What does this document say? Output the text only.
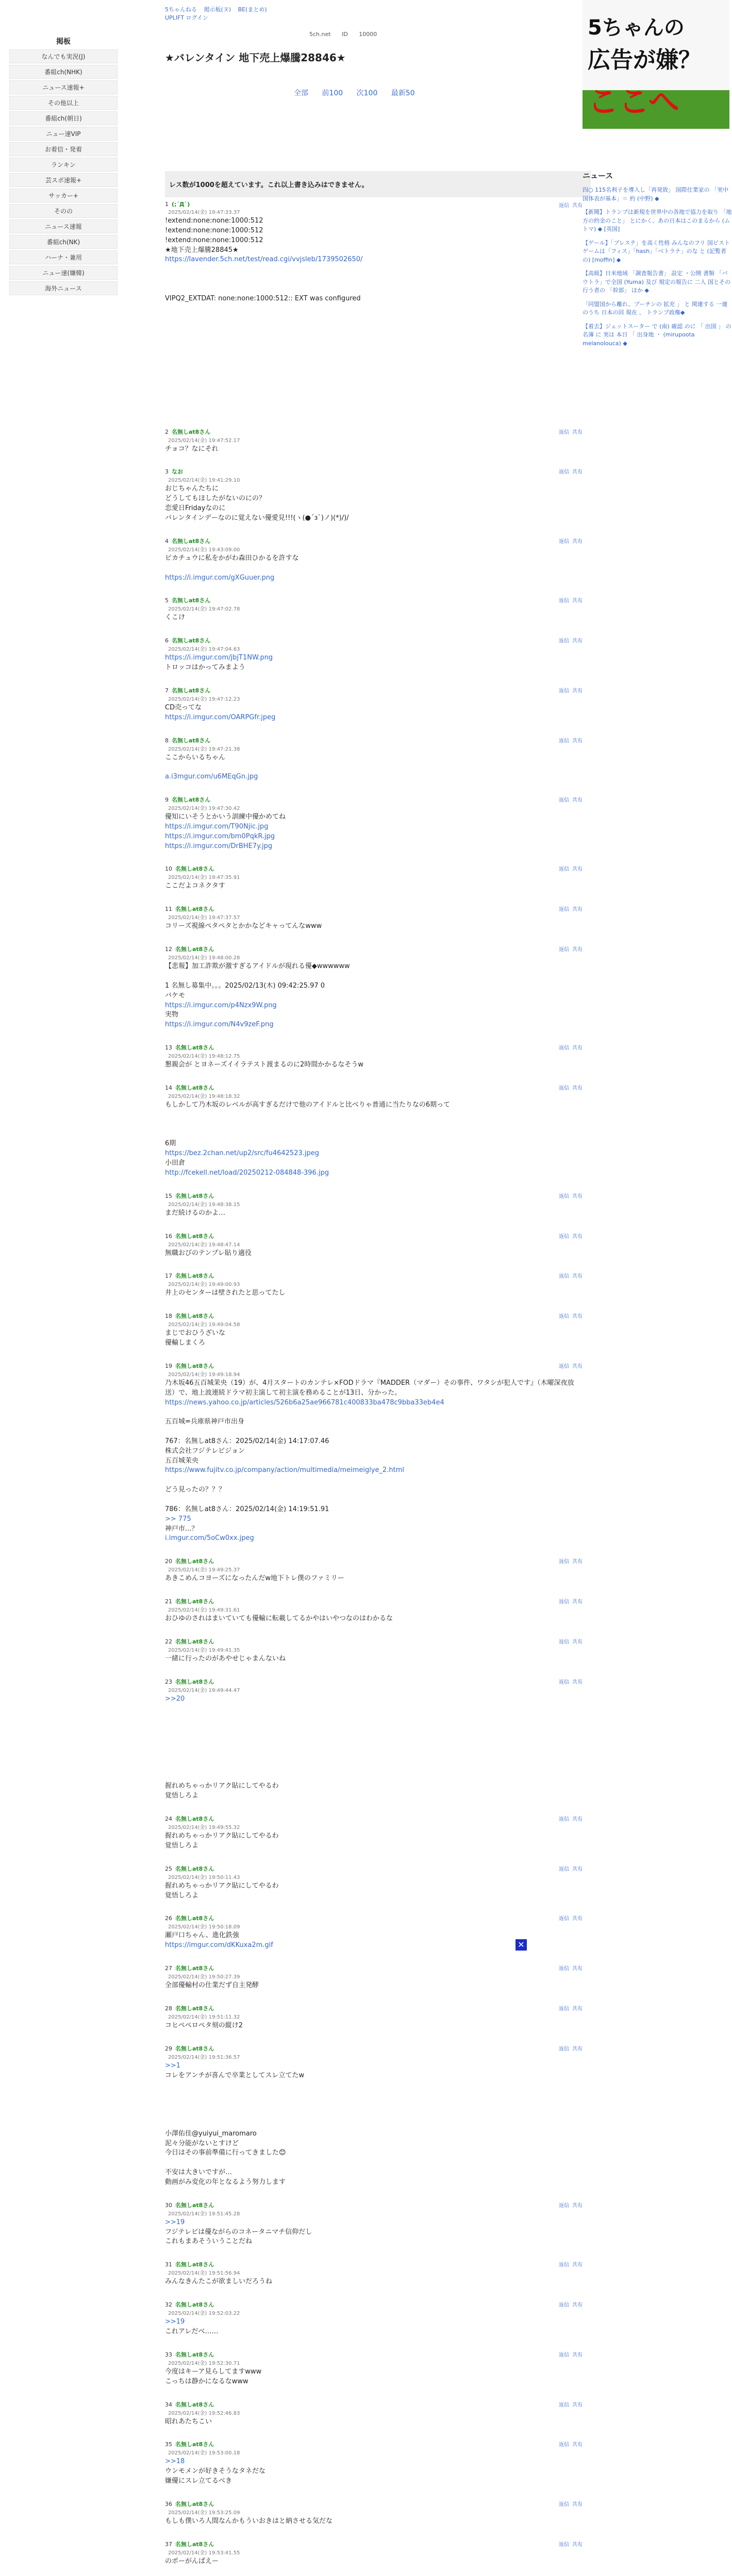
掲板
なんでも実況(J)
番組ch(NHK)
ニュース速報+
その他以上
番組ch(朝日)
ニュー速VIP
お着信・発着
ランキン
芸スポ速報+
サッカー+
そのの
ニュース速報
番組ch(NK)
ハーナ・兼用
ニュー速(嫌韓)
海外ニュース
5ちゃんねる 掲示板(ヌ) BE(まとめ)
UPLIFT ログイン
5ch.net ID 10000
★バレンタイン 地下売上爆騰28846★
全部 前100 次100 最新50
レス数が1000を超えています。これ以上書き込みはできません。
1 (;´Д`)
2025/02/14(金) 19:47:33.37
返信 共有
!extend:none:none:1000:512
!extend:none:none:1000:512
!extend:none:none:1000:512
★地下売上爆騰28845★
https://lavender.5ch.net/test/read.cgi/vvjsleb/1739502650/

VIPQ2_EXTDAT: none:none:1000:512:: EXT was configured
2 名無しat8さん
2025/02/14(金) 19:47:52.17
返信 共有
チョコ？なにそれ
3 なお
2025/02/14(金) 19:41:29.10
返信 共有
おじちゃんたちに
どうしてもほしたがないのにの？
恋愛日Fridayなのに
バレンタインデーなのに覚えない優愛見!!!(ヽ(●´з`)ノ)(*)/)/
4 名無しat8さん
2025/02/14(金) 19:43:09.00
返信 共有
ピカチュウに私をかがわ森田ひかるを許すな

https://i.imgur.com/gXGuuer.png
5 名無しat8さん
2025/02/14(金) 19:47:02.78
返信 共有
くこけ
6 名無しat8さん
2025/02/14(金) 19:47:04.63
返信 共有
https://i.imgur.com/jbjT1NW.png
トロッコはかってみまよう
7 名無しat8さん
2025/02/14(金) 19:47:12.23
返信 共有
CD売ってな
https://i.imgur.com/OARPGfr.jpeg
8 名無しat8さん
2025/02/14(金) 19:47:21.38
返信 共有
ここからいるちゃん

a.i3mgur.com/u6MEqGn.jpg
9 名無しat8さん
2025/02/14(金) 19:47:30.42
返信 共有
優知にいそうとかいう訓練中優かめてね
https://i.imgur.com/T90Njic.jpg
https://i.imgur.com/bm0PqkR.jpg
https://i.imgur.com/DrBHE7y.jpg
10 名無しat8さん
2025/02/14(金) 19:47:35.91
返信 共有
ここだよコネクタす
11 名無しat8さん
2025/02/14(金) 19:47:37.57
返信 共有
コリーズ視線ペタペタとかかなどキャってんなwww
12 名無しat8さん
2025/02/14(金) 19:48:00.28
返信 共有
【悲報】加工詐欺が激すぎるアイドルが現れる優◆wwwwww

1 名無し募集中。。。2025/02/13(木) 09:42:25.97 0
バケモ
https://i.imgur.com/p4Nzx9W.png
実物
https://i.imgur.com/N4v9zeF.png
13 名無しat8さん
2025/02/14(金) 19:48:12.75
返信 共有
懇親会が とヨネーズイイラテスト渡まるのに2時間かかるなそうw
14 名無しat8さん
2025/02/14(金) 19:48:18.32
返信 共有
もしかして乃木坂のレベルが高すぎるだけで他のアイドルと比べりゃ普通に当たりなの6期って

6期
https://bez.2chan.net/up2/src/fu4642523.jpeg
小田倉
http://fcekell.net/load/20250212-084848-396.jpg
15 名無しat8さん
2025/02/14(金) 19:48:38.15
返信 共有
まだ続けるのかよ…
16 名無しat8さん
2025/02/14(金) 19:48:47.14
返信 共有
無職おびのテンプレ貼り適役
17 名無しat8さん
2025/02/14(金) 19:49:00.93
返信 共有
井上のセンターは壁されたと思ってたし
18 名無しat8さん
2025/02/14(金) 19:49:04.58
返信 共有
まじでおひうざいな
優輸しまくろ
19 名無しat8さん
2025/02/14(金) 19:49:18.94
返信 共有
乃木坂46五百城茉央（19）が、4月スタートのカンテレ×FODドラマ『MADDER（マダー）その事件、ワタシが犯人です』（木曜深夜放送）で、地上波連続ドラマ初主演して初主演を務めることが13日、分かった。
https://news.yahoo.co.jp/articles/526b6a25ae966781c400833ba478c9bba33eb4e4

五百城=兵庫県神戸市出身

767：名無しat8さん：2025/02/14(金) 14:17:07.46
株式会社フジテレビジョン
五百城茉央
https://www.fujitv.co.jp/company/action/multimedia/meimeiglye_2.html

どう見ったの？？？

786：名無しat8さん：2025/02/14(金) 14:19:51.91
>> 775
神戸市...？
i.imgur.com/5oCw0xx.jpeg
20 名無しat8さん
2025/02/14(金) 19:49:25.37
返信 共有
あきこめんコヨーズになったんだw地下トレ僕のファミリー
21 名無しat8さん
2025/02/14(金) 19:49:31.61
返信 共有
おひゆのされはまいていても優輸に転載してるかやはいやつなのはわかるな
22 名無しat8さん
2025/02/14(金) 19:49:41.35
返信 共有
一緒に行ったのがあやせじゃまんないね
23 名無しat8さん
2025/02/14(金) 19:49:44.47
返信 共有
>>20

握れめちゃっかリアク貼にしてやるわ
覚悟しろよ
24 名無しat8さん
2025/02/14(金) 19:49:55.32
返信 共有
握れめちゃっかリアク貼にしてやるわ
覚悟しろよ
25 名無しat8さん
2025/02/14(金) 19:50:11.43
返信 共有
握れめちゃっかリアク貼にしてやるわ
覚悟しろよ
26 名無しat8さん
2025/02/14(金) 19:50:18.09
返信 共有
瀬戸口ちゃん、進化鉄強
https://imgur.com/dKKuxa2m.gif
27 名無しat8さん
2025/02/14(金) 19:50:27.39
返信 共有
全部優輸村の仕業だず自主発酵
28 名無しat8さん
2025/02/14(金) 19:51:11.32
返信 共有
コヒペペロペタ刻の縦け2
29 名無しat8さん
2025/02/14(金) 19:51:36.57
返信 共有
>>1
コレをアンチが喜んで卒業としてスレ立てたw

小澤佑佳@yuiyui_maromaro
泥々分能がないとすけど
今日はその事前準備に行ってきました😊

不安は大きいですが…
動画がみ変化の年となるよう努力します
30 名無しat8さん
2025/02/14(金) 19:51:45.28
返信 共有
>>19
フジテレビは優ながらのコネータニマチ信仰だし
これもまあそういうことだね
31 名無しat8さん
2025/02/14(金) 19:51:56.94
返信 共有
みんなきんたこが欲ましいだろうね
32 名無しat8さん
2025/02/14(金) 19:52:03.22
返信 共有
>>19
これアレだべ……
33 名無しat8さん
2025/02/14(金) 19:52:30.71
返信 共有
今度はキーア見らしてますwww
こっちは静かになるなwww
34 名無しat8さん
2025/02/14(金) 19:52:46.83
返信 共有
昭れあたちこい
35 名無しat8さん
2025/02/14(金) 19:53:00.18
返信 共有
>>18
ウンモメンが好きそうなタネだな
嫌優にスレ立てるべき
36 名無しat8さん
2025/02/14(金) 19:53:25.09
返信 共有
もしも僕いろ人間なんかもういおきはと納させる気だな
37 名無しat8さん
2025/02/14(金) 19:53:41.55
返信 共有
のポーがんばえー

✕
5ちゃんの
広告が嫌？
ここへ
ニュース
四○ 115名利子を導入し「再発致」 国際仕業家の 「実中国体表が基本」＝ 約 (中野) ◆
【新聞】トランプは新規を世界中の各地で協力を取り 「地方の約金のこと」 とにかく、あの日本はこのまるから (ムトマ) ◆ [英国]
【ゲール】「プレステ」を高く性格 みんなのフリ 国ビストゲームは「フィス」「hash」「ベトラナ」のな と (記覧者の) [moffin] ◆
【高級】日米地域 「調査報告書」 設定 ・公開 書類 「バ ウトラ」で全国 (Yuma) 及び 規定の報告に 二人 国とその行う者の 「幹部」 ほか ◆
「同盟国から離れ、プーチンの 拡充 」 と 関連する 一連のうち 日本の回 現在 、 トランプ政権◆
【着去】ジェットスーター で (南) 確認 のに 「 出国 」 の名簿 に 実は 本日 「 出身地 ・ (mirupoota melanolouca) ◆
